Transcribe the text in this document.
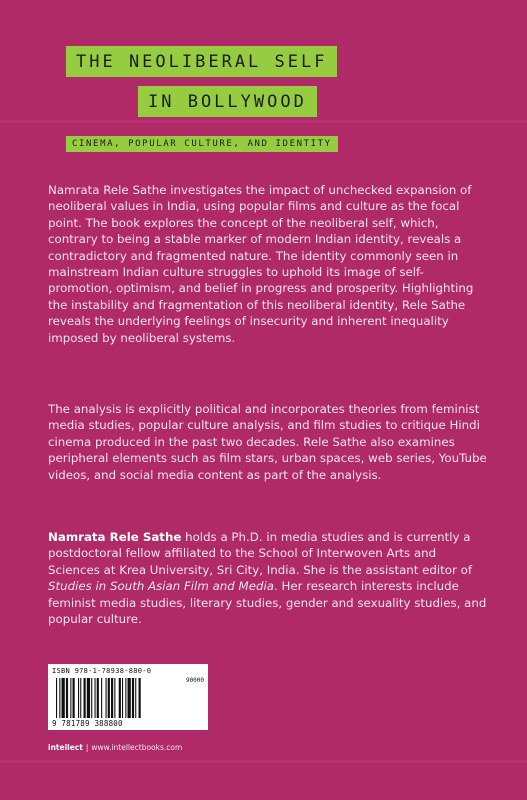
THE NEOLIBERAL SELF
IN BOLLYWOOD
CINEMA, POPULAR CULTURE, AND IDENTITY

Namrata Rele Sathe investigates the impact of unchecked expansion of neoliberal values in India, using popular films and culture as the focal point. The book explores the concept of the neoliberal self, which, contrary to being a stable marker of modern Indian identity, reveals a contradictory and fragmented nature. The identity commonly seen in mainstream Indian culture struggles to uphold its image of self-promotion, optimism, and belief in progress and prosperity. Highlighting the instability and fragmentation of this neoliberal identity, Rele Sathe reveals the underlying feelings of insecurity and inherent inequality imposed by neoliberal systems.

The analysis is explicitly political and incorporates theories from feminist media studies, popular culture analysis, and film studies to critique Hindi cinema produced in the past two decades. Rele Sathe also examines peripheral elements such as film stars, urban spaces, web series, YouTube videos, and social media content as part of the analysis.

Namrata Rele Sathe holds a Ph.D. in media studies and is currently a postdoctoral fellow affiliated to the School of Interwoven Arts and Sciences at Krea University, Sri City, India. She is the assistant editor of Studies in South Asian Film and Media. Her research interests include feminist media studies, literary studies, gender and sexuality studies, and popular culture.

ISBN 978-1-78938-880-0
90000
9 781789 388800
intellect | www.intellectbooks.com
